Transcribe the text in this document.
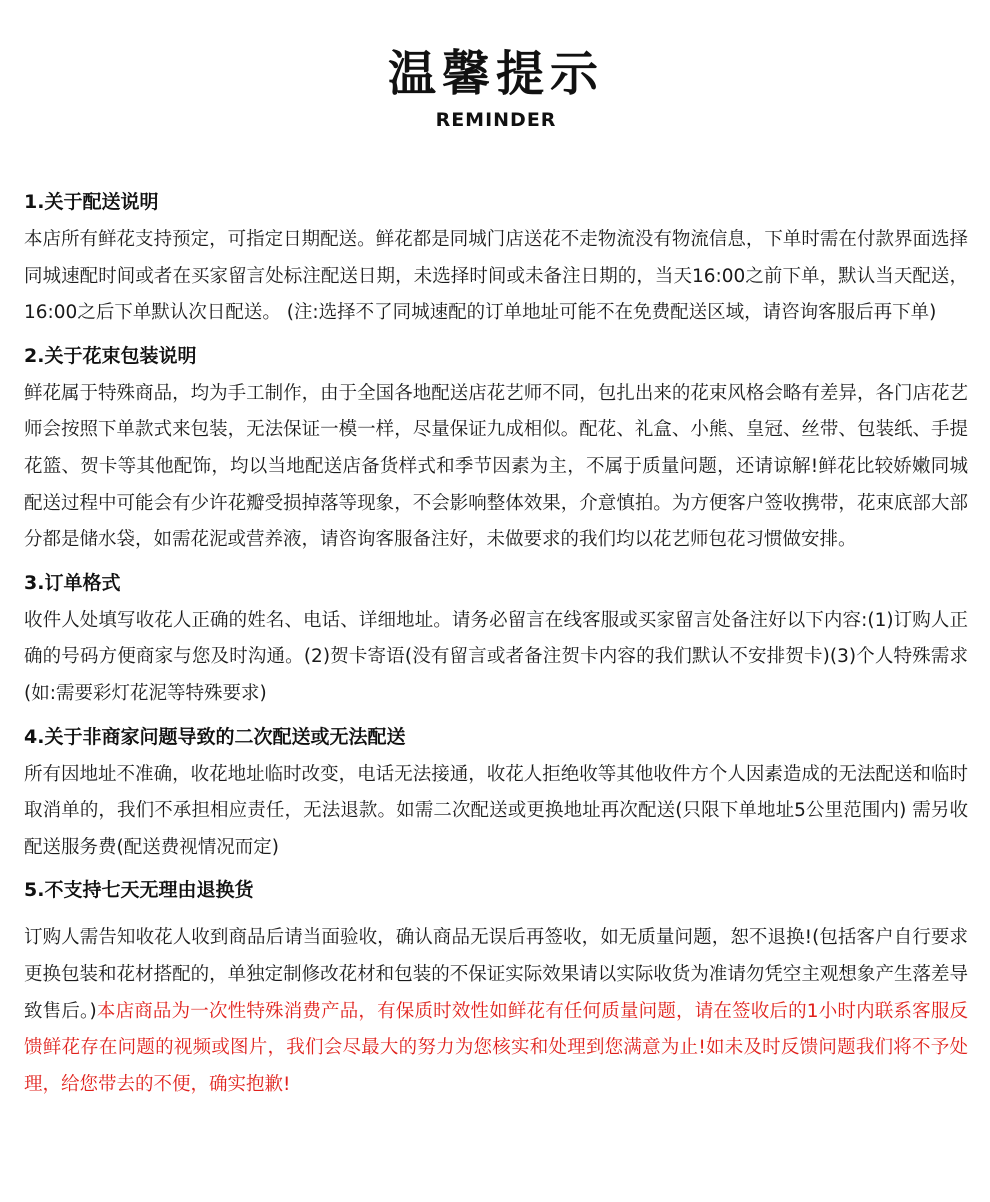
温馨提示
REMINDER
1.关于配送说明
本店所有鲜花支持预定，可指定日期配送。鲜花都是同城门店送花不走物流没有物流信息，下单时需在付款界面选择同城速配时间或者在买家留言处标注配送日期，未选择时间或未备注日期的，当天16:00之前下单，默认当天配送，16:00之后下单默认次日配送。 (注:选择不了同城速配的订单地址可能不在免费配送区域，请咨询客服后再下单)
2.关于花束包装说明
鲜花属于特殊商品，均为手工制作，由于全国各地配送店花艺师不同，包扎出来的花束风格会略有差异，各门店花艺师会按照下单款式来包装，无法保证一模一样，尽量保证九成相似。配花、礼盒、小熊、皇冠、丝带、包装纸、手提花篮、贺卡等其他配饰，均以当地配送店备货样式和季节因素为主，不属于质量问题，还请谅解!鲜花比较娇嫩同城配送过程中可能会有少许花瓣受损掉落等现象，不会影响整体效果，介意慎拍。为方便客户签收携带，花束底部大部分都是储水袋，如需花泥或营养液，请咨询客服备注好，未做要求的我们均以花艺师包花习惯做安排。
3.订单格式
收件人处填写收花人正确的姓名、电话、详细地址。请务必留言在线客服或买家留言处备注好以下内容:(1)订购人正确的号码方便商家与您及时沟通。(2)贺卡寄语(没有留言或者备注贺卡内容的我们默认不安排贺卡)(3)个人特殊需求(如:需要彩灯花泥等特殊要求)
4.关于非商家问题导致的二次配送或无法配送
所有因地址不准确，收花地址临时改变，电话无法接通，收花人拒绝收等其他收件方个人因素造成的无法配送和临时取消单的，我们不承担相应责任，无法退款。如需二次配送或更换地址再次配送(只限下单地址5公里范围内) 需另收配送服务费(配送费视情况而定)
5.不支持七天无理由退换货
订购人需告知收花人收到商品后请当面验收，确认商品无误后再签收，如无质量问题，恕不退换!(包括客户自行要求更换包装和花材搭配的，单独定制修改花材和包装的不保证实际效果请以实际收货为准请勿凭空主观想象产生落差导致售后。)本店商品为一次性特殊消费产品，有保质时效性如鲜花有任何质量问题，请在签收后的1小时内联系客服反馈鲜花存在问题的视频或图片，我们会尽最大的努力为您核实和处理到您满意为止!如未及时反馈问题我们将不予处理，给您带去的不便，确实抱歉!
